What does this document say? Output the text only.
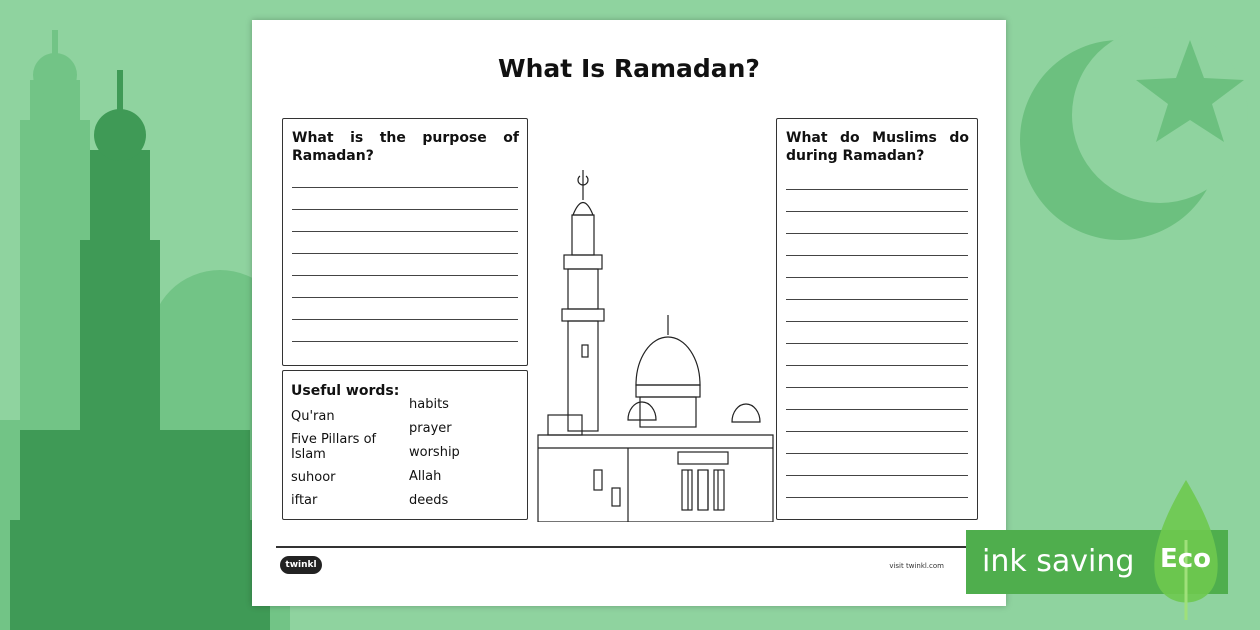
What Is Ramadan?
What is the purpose of Ramadan?
Useful words:
Qu'ran
Five Pillars of Islam
suhoor
iftar
habits
prayer
worship
Allah
deeds
What do Muslims do during Ramadan?
twinkl	visit twinkl.com ink saving Eco
